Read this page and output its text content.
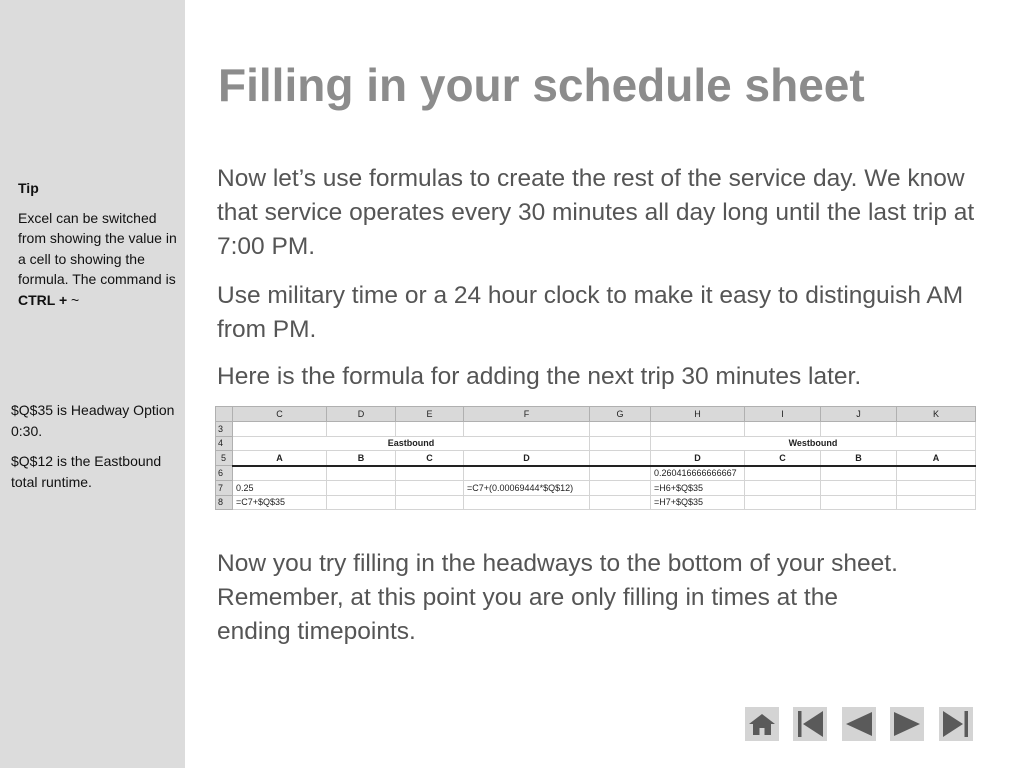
Tip
Excel can be switched from showing the value in a cell to showing the formula. The command is
CTRL + ~

$Q$35 is Headway Option 0:30.

$Q$12 is the Eastbound total runtime.

Filling in your schedule sheet

Now let’s use formulas to create the rest of the service day. We know that service operates every 30 minutes all day long until the last trip at 7:00 PM.

Use military time or a 24 hour clock to make it easy to distinguish AM from PM.

Here is the formula for adding the next trip 30 minutes later.

	C	D	E	F	G	H	I	J	K
3									
4	Eastbound					Westbound			
5	A	B	C	D		D	C	B	A
6						0.260416666666667			
7	0.25			=C7+(0.00069444*$Q$12)		=H6+$Q$35			
8	=C7+$Q$35					=H7+$Q$35			

Now you try filling in the headways to the bottom of your sheet. Remember, at this point you are only filling in times at the ending timepoints.
